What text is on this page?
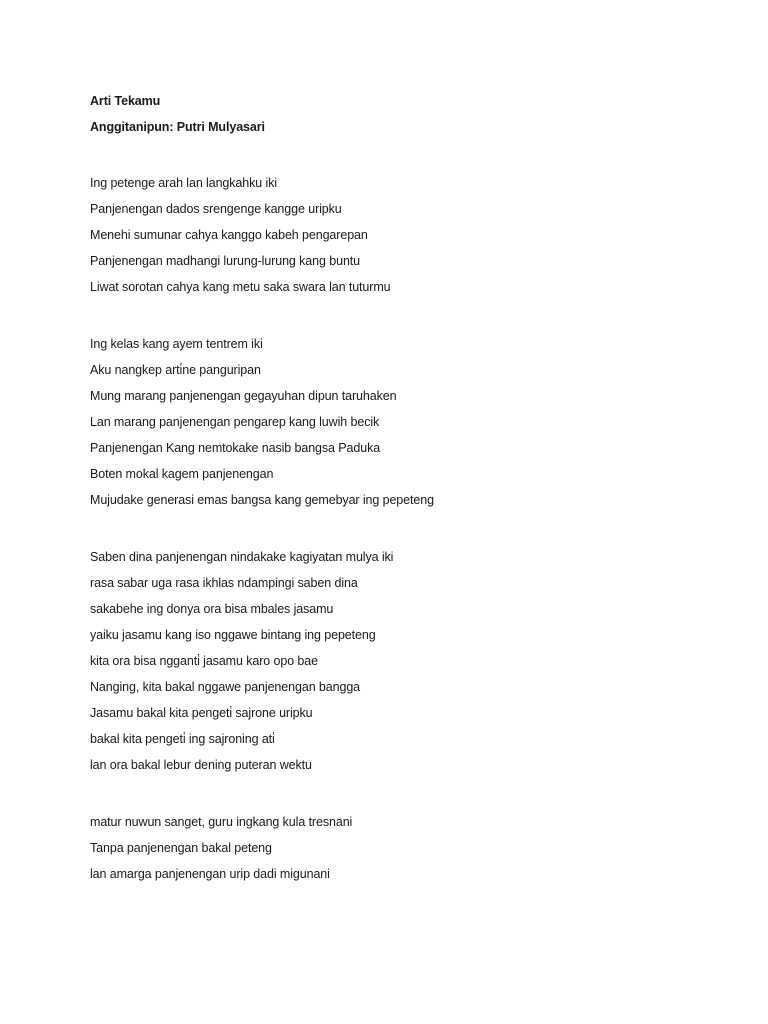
Arti Tekamu
Anggitanipun: Putri Mulyasari
Ing petenge arah lan langkahku iki
Panjenengan dados srengenge kangge uripku
Menehi sumunar cahya kanggo kabeh pengarepan
Panjenengan madhangi lurung-lurung kang buntu
Liwat sorotan cahya kang metu saka swara lan tuturmu
Ing kelas kang ayem tentrem iki
Aku nangkep arti̇ne panguripan
Mung marang panjenengan gegayuhan dipun taruhaken
Lan marang panjenengan pengarep kang luwih becik
Panjenengan Kang nemtokake nasib bangsa Paduka
Boten mokal kagem panjenengan
Mujudake generasi emas bangsa kang gemebyar ing pepeteng
Saben dina panjenengan nindakake kagiyatan mulya iki
rasa sabar uga rasa ikhlas ndampingi saben dina
sakabehe ing donya ora bisa mbales jasamu
yaiku jasamu kang iso nggawe bintang ing pepeteng
kita ora bisa ngganti̇ jasamu karo opo bae
Nanging, kita bakal nggawe panjenengan bangga
Jasamu bakal kita pengeti̇ sajrone uripku
bakal kita pengeti̇ ing sajroning ati̇
lan ora bakal lebur dening puteran wektu
matur nuwun sanget, guru ingkang kula tresnani
Tanpa panjenengan bakal peteng
lan amarga panjenengan urip dadi migunani
